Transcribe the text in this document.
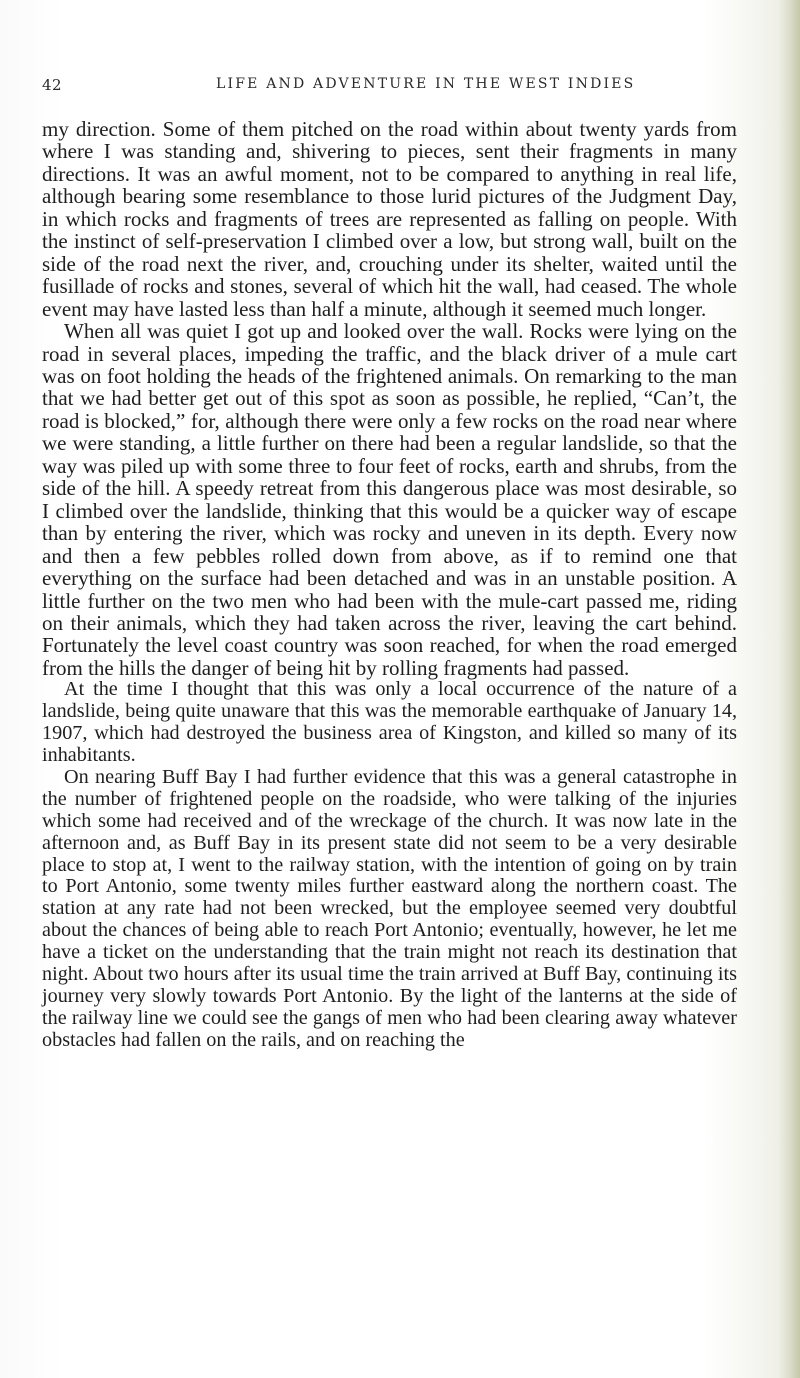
42	LIFE AND ADVENTURE IN THE WEST INDIES

my direction. Some of them pitched on the road within about twenty yards from where I was standing and, shivering to pieces, sent their fragments in many directions. It was an awful moment, not to be compared to anything in real life, although bearing some resemblance to those lurid pictures of the Judgment Day, in which rocks and fragments of trees are represented as falling on people. With the instinct of self-preservation I climbed over a low, but strong wall, built on the side of the road next the river, and, crouching under its shelter, waited until the fusillade of rocks and stones, several of which hit the wall, had ceased. The whole event may have lasted less than half a minute, although it seemed much longer.

When all was quiet I got up and looked over the wall. Rocks were lying on the road in several places, impeding the traffic, and the black driver of a mule cart was on foot holding the heads of the frightened animals. On remarking to the man that we had better get out of this spot as soon as possible, he replied, “Can’t, the road is blocked,” for, although there were only a few rocks on the road near where we were standing, a little further on there had been a regular landslide, so that the way was piled up with some three to four feet of rocks, earth and shrubs, from the side of the hill. A speedy retreat from this dangerous place was most desirable, so I climbed over the landslide, thinking that this would be a quicker way of escape than by entering the river, which was rocky and uneven in its depth. Every now and then a few pebbles rolled down from above, as if to remind one that everything on the surface had been detached and was in an unstable position. A little further on the two men who had been with the mule-cart passed me, riding on their animals, which they had taken across the river, leaving the cart behind. Fortunately the level coast country was soon reached, for when the road emerged from the hills the danger of being hit by rolling fragments had passed.

At the time I thought that this was only a local occurrence of the nature of a landslide, being quite unaware that this was the memorable earthquake of January 14, 1907, which had destroyed the business area of Kingston, and killed so many of its inhabitants.

On nearing Buff Bay I had further evidence that this was a general catastrophe in the number of frightened people on the roadside, who were talking of the injuries which some had received and of the wreckage of the church. It was now late in the afternoon and, as Buff Bay in its present state did not seem to be a very desirable place to stop at, I went to the railway station, with the intention of going on by train to Port Antonio, some twenty miles further eastward along the northern coast. The station at any rate had not been wrecked, but the employee seemed very doubtful about the chances of being able to reach Port Antonio; eventually, however, he let me have a ticket on the understanding that the train might not reach its destination that night. About two hours after its usual time the train arrived at Buff Bay, continuing its journey very slowly towards Port Antonio. By the light of the lanterns at the side of the railway line we could see the gangs of men who had been clearing away whatever obstacles had fallen on the rails, and on reaching the
